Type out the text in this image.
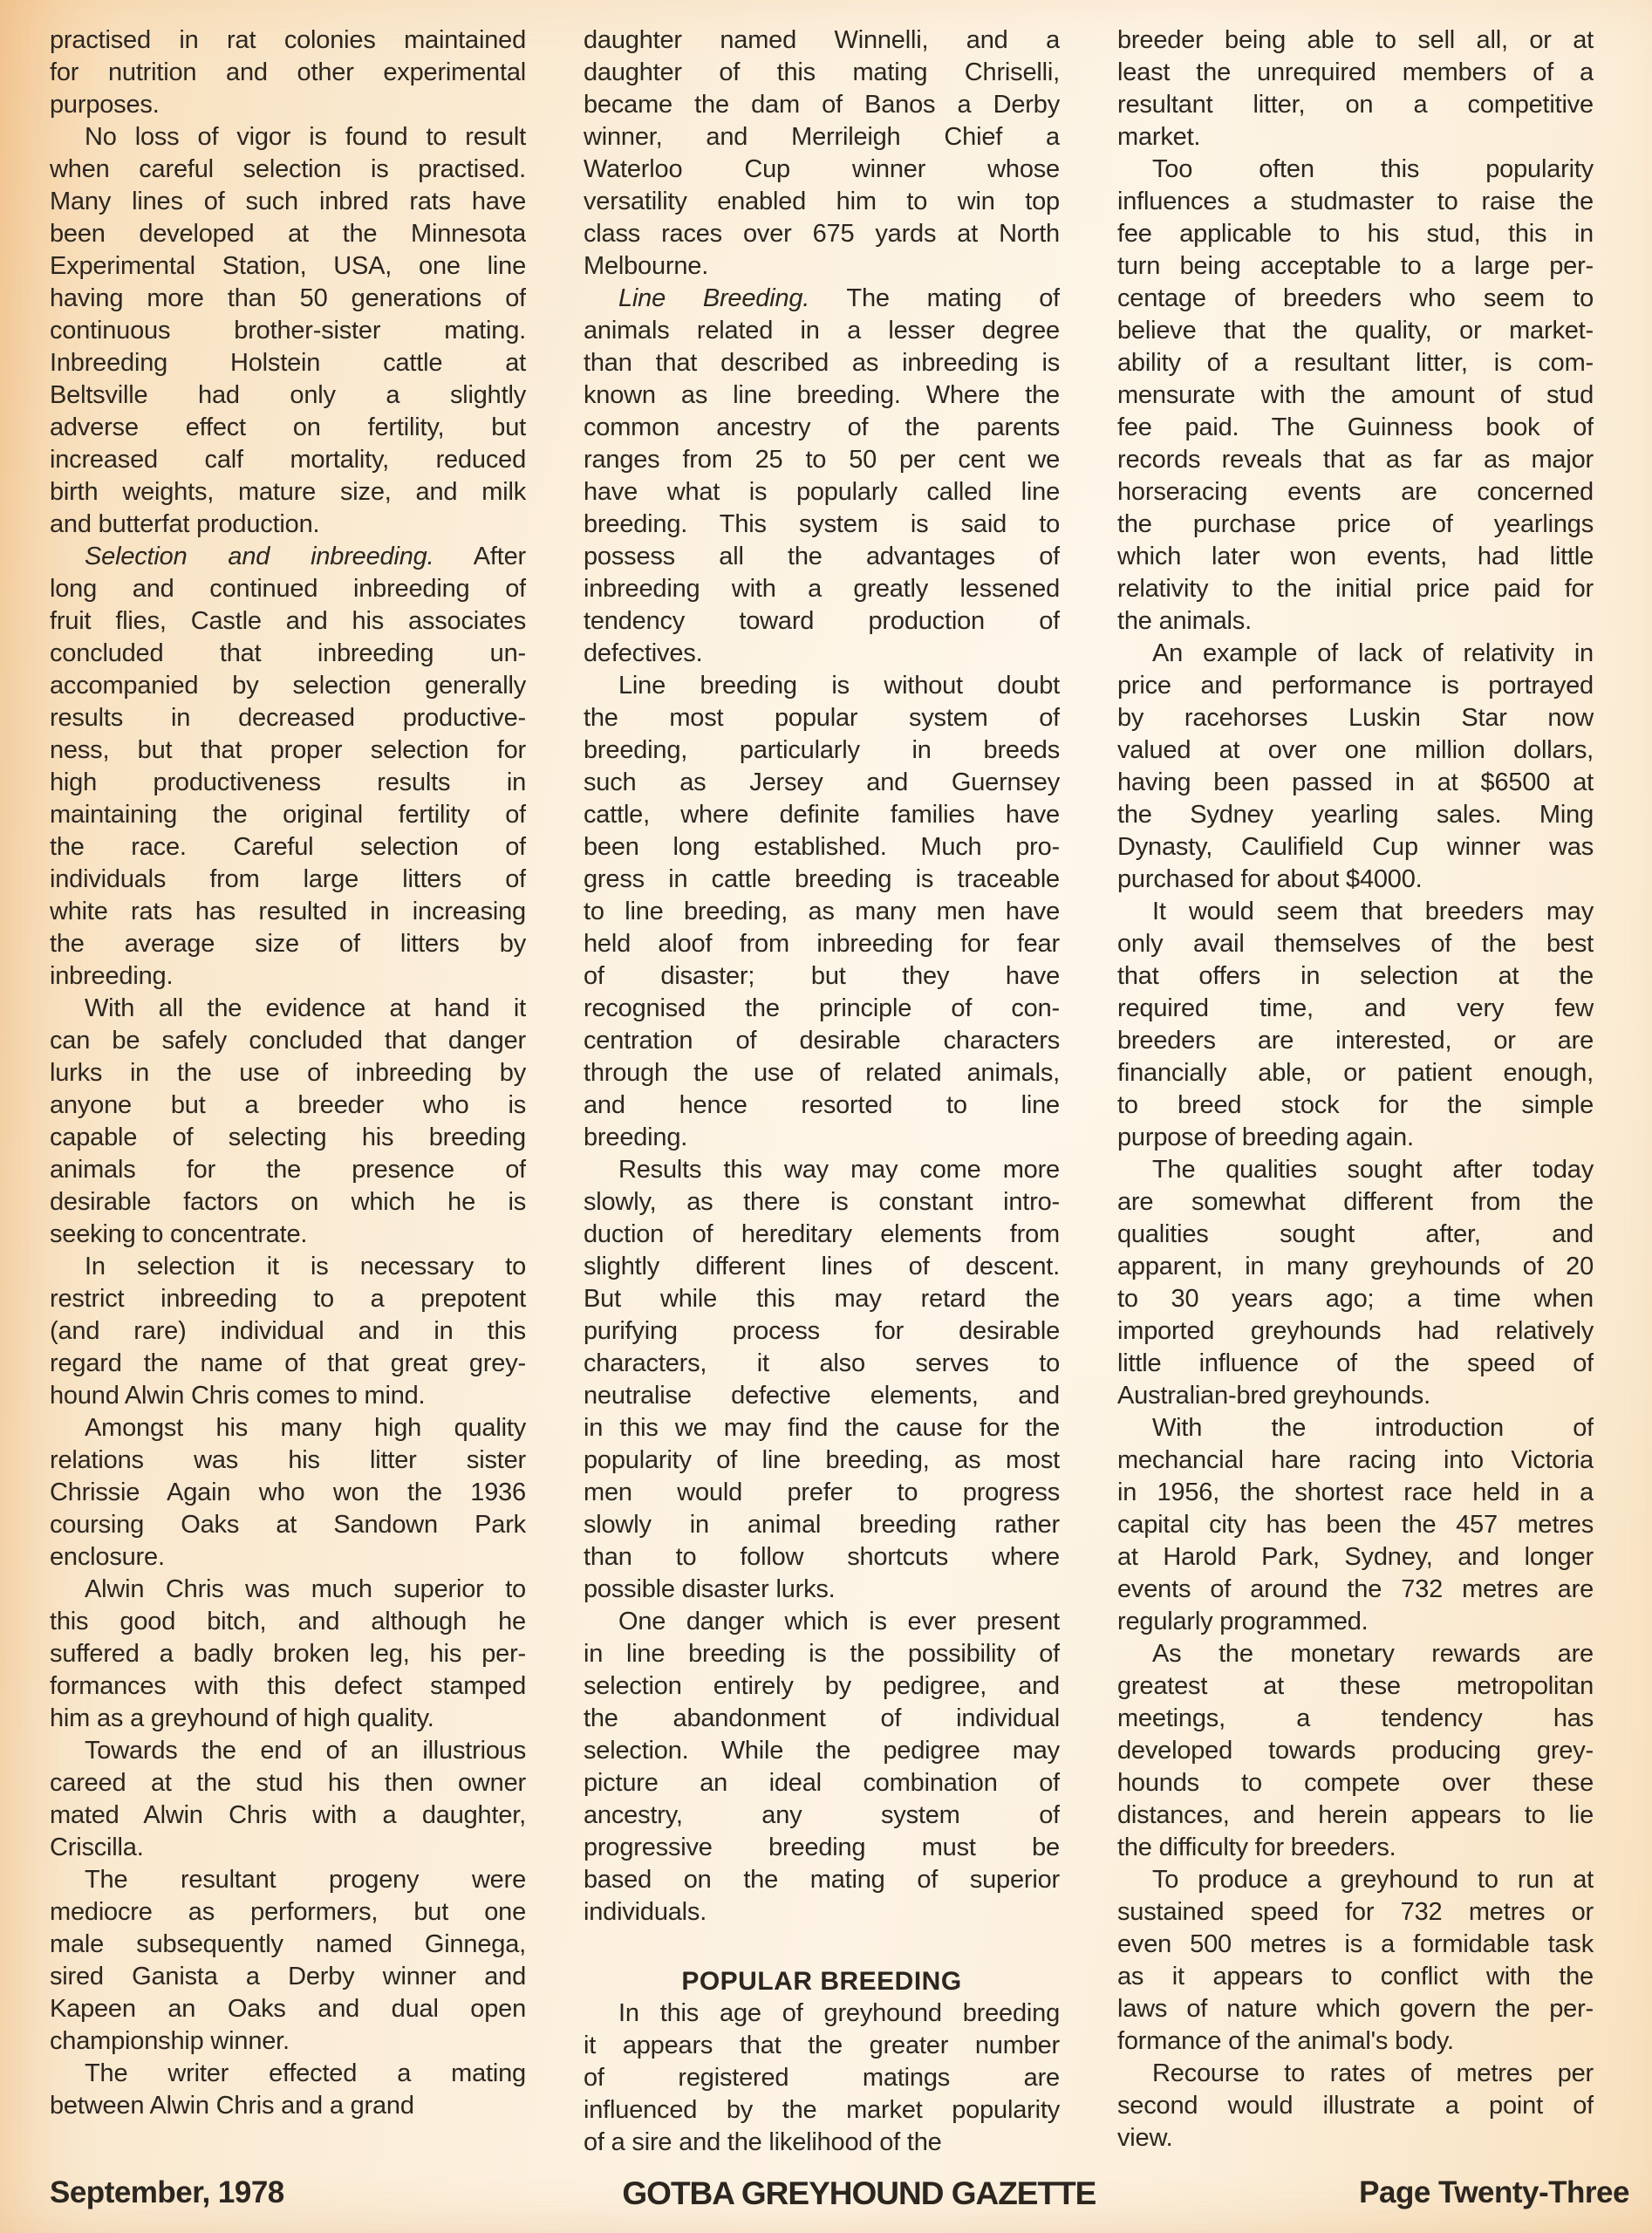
practised in rat colonies maintained
for nutrition and other experimental
purposes.
No loss of vigor is found to result
when careful selection is practised.
Many lines of such inbred rats have
been developed at the Minnesota
Experimental Station, USA, one line
having more than 50 generations of
continuous brother-sister mating.
Inbreeding Holstein cattle at
Beltsville had only a slightly
adverse effect on fertility, but
increased calf mortality, reduced
birth weights, mature size, and milk
and butterfat production.
Selection and inbreeding. After
long and continued inbreeding of
fruit flies, Castle and his associates
concluded that inbreeding un-
accompanied by selection generally
results in decreased productive-
ness, but that proper selection for
high productiveness results in
maintaining the original fertility of
the race. Careful selection of
individuals from large litters of
white rats has resulted in increasing
the average size of litters by
inbreeding.
With all the evidence at hand it
can be safely concluded that danger
lurks in the use of inbreeding by
anyone but a breeder who is
capable of selecting his breeding
animals for the presence of
desirable factors on which he is
seeking to concentrate.
In selection it is necessary to
restrict inbreeding to a prepotent
(and rare) individual and in this
regard the name of that great grey-
hound Alwin Chris comes to mind.
Amongst his many high quality
relations was his litter sister
Chrissie Again who won the 1936
coursing Oaks at Sandown Park
enclosure.
Alwin Chris was much superior to
this good bitch, and although he
suffered a badly broken leg, his per-
formances with this defect stamped
him as a greyhound of high quality.
Towards the end of an illustrious
careed at the stud his then owner
mated Alwin Chris with a daughter,
Criscilla.
The resultant progeny were
mediocre as performers, but one
male subsequently named Ginnega,
sired Ganista a Derby winner and
Kapeen an Oaks and dual open
championship winner.
The writer effected a mating
between Alwin Chris and a grand
daughter named Winnelli, and a
daughter of this mating Chriselli,
became the dam of Banos a Derby
winner, and Merrileigh Chief a
Waterloo Cup winner whose
versatility enabled him to win top
class races over 675 yards at North
Melbourne.
Line Breeding. The mating of
animals related in a lesser degree
than that described as inbreeding is
known as line breeding. Where the
common ancestry of the parents
ranges from 25 to 50 per cent we
have what is popularly called line
breeding. This system is said to
possess all the advantages of
inbreeding with a greatly lessened
tendency toward production of
defectives.
Line breeding is without doubt
the most popular system of
breeding, particularly in breeds
such as Jersey and Guernsey
cattle, where definite families have
been long established. Much pro-
gress in cattle breeding is traceable
to line breeding, as many men have
held aloof from inbreeding for fear
of disaster; but they have
recognised the principle of con-
centration of desirable characters
through the use of related animals,
and hence resorted to line
breeding.
Results this way may come more
slowly, as there is constant intro-
duction of hereditary elements from
slightly different lines of descent.
But while this may retard the
purifying process for desirable
characters, it also serves to
neutralise defective elements, and
in this we may find the cause for the
popularity of line breeding, as most
men would prefer to progress
slowly in animal breeding rather
than to follow shortcuts where
possible disaster lurks.
One danger which is ever present
in line breeding is the possibility of
selection entirely by pedigree, and
the abandonment of individual
selection. While the pedigree may
picture an ideal combination of
ancestry, any system of
progressive breeding must be
based on the mating of superior
individuals.
POPULAR BREEDING
In this age of greyhound breeding
it appears that the greater number
of registered matings are
influenced by the market popularity
of a sire and the likelihood of the
breeder being able to sell all, or at
least the unrequired members of a
resultant litter, on a competitive
market.
Too often this popularity
influences a studmaster to raise the
fee applicable to his stud, this in
turn being acceptable to a large per-
centage of breeders who seem to
believe that the quality, or market-
ability of a resultant litter, is com-
mensurate with the amount of stud
fee paid. The Guinness book of
records reveals that as far as major
horseracing events are concerned
the purchase price of yearlings
which later won events, had little
relativity to the initial price paid for
the animals.
An example of lack of relativity in
price and performance is portrayed
by racehorses Luskin Star now
valued at over one million dollars,
having been passed in at $6500 at
the Sydney yearling sales. Ming
Dynasty, Caulifield Cup winner was
purchased for about $4000.
It would seem that breeders may
only avail themselves of the best
that offers in selection at the
required time, and very few
breeders are interested, or are
financially able, or patient enough,
to breed stock for the simple
purpose of breeding again.
The qualities sought after today
are somewhat different from the
qualities sought after, and
apparent, in many greyhounds of 20
to 30 years ago; a time when
imported greyhounds had relatively
little influence of the speed of
Australian-bred greyhounds.
With the introduction of
mechancial hare racing into Victoria
in 1956, the shortest race held in a
capital city has been the 457 metres
at Harold Park, Sydney, and longer
events of around the 732 metres are
regularly programmed.
As the monetary rewards are
greatest at these metropolitan
meetings, a tendency has
developed towards producing grey-
hounds to compete over these
distances, and herein appears to lie
the difficulty for breeders.
To produce a greyhound to run at
sustained speed for 732 metres or
even 500 metres is a formidable task
as it appears to conflict with the
laws of nature which govern the per-
formance of the animal's body.
Recourse to rates of metres per
second would illustrate a point of
view.
September, 1978	GOTBA GREYHOUND GAZETTE	Page Twenty-Three
